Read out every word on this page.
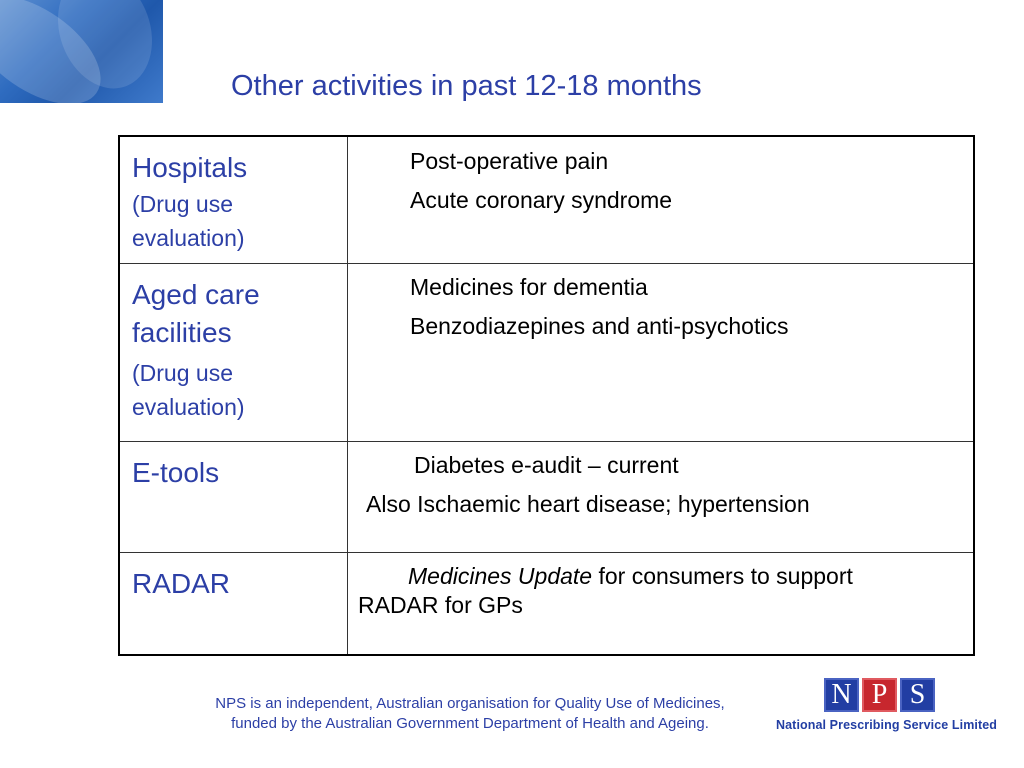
Other activities in past 12-18 months
Hospitals
(Drug use evaluation)	Post-operative pain
Acute coronary syndrome

Aged care facilities
(Drug use evaluation)	Medicines for dementia
Benzodiazepines and anti-psychotics

E-tools	Diabetes e-audit – current
Also Ischaemic heart disease; hypertension

RADAR	Medicines Update for consumers to support
RADAR for GPs
NPS is an independent, Australian organisation for Quality Use of Medicines,
funded by the Australian Government Department of Health and Ageing.
N P S
National Prescribing Service Limited
